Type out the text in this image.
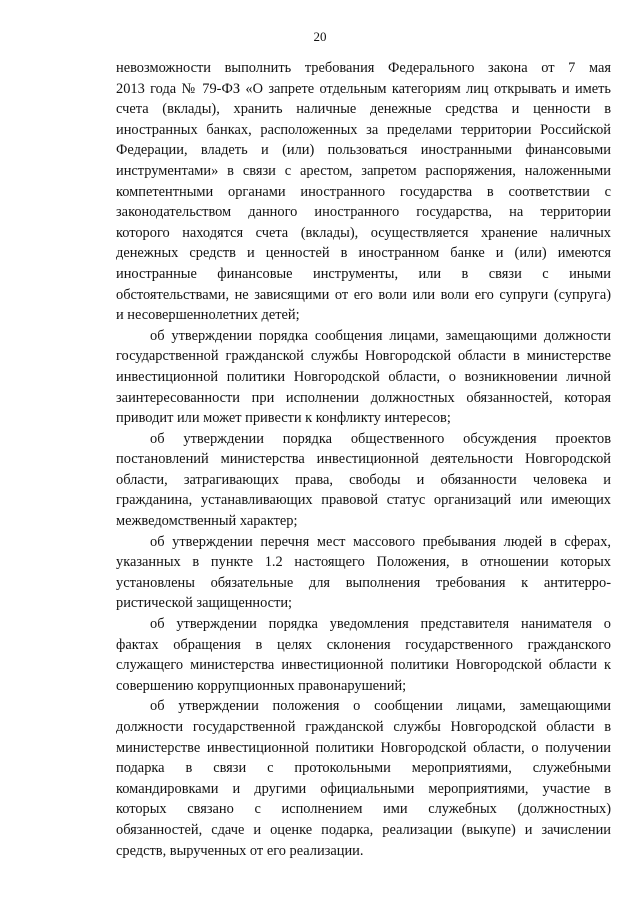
20
невозможности выполнить требования Федерального закона от 7 мая
2013 года № 79-ФЗ «О запрете отдельным категориям лиц открывать и иметь
счета (вклады), хранить наличные денежные средства и ценности в
иностранных банках, расположенных за пределами территории Российской
Федерации, владеть и (или) пользоваться иностранными финансовыми
инструментами» в связи с арестом, запретом распоряжения, наложенными
компетентными органами иностранного государства в соответствии с
законодательством данного иностранного государства, на территории
которого находятся счета (вклады), осуществляется хранение наличных
денежных средств и ценностей в иностранном банке и (или) имеются
иностранные финансовые инструменты, или в связи с иными
обстоятельствами, не зависящими от его воли или воли его супруги (супруга)
и несовершеннолетних детей;
об утверждении порядка сообщения лицами, замещающими должности
государственной гражданской службы Новгородской области в министерстве
инвестиционной политики Новгородской области, о возникновении личной
заинтересованности при исполнении должностных обязанностей, которая
приводит или может привести к конфликту интересов;
об утверждении порядка общественного обсуждения проектов
постановлений министерства инвестиционной деятельности Новгородской
области, затрагивающих права, свободы и обязанности человека и
гражданина, устанавливающих правовой статус организаций или имеющих
межведомственный характер;
об утверждении перечня мест массового пребывания людей в сферах,
указанных в пункте 1.2 настоящего Положения, в отношении которых
установлены обязательные для выполнения требования к антитерро-
ристической защищенности;
об утверждении порядка уведомления представителя нанимателя о
фактах обращения в целях склонения государственного гражданского
служащего министерства инвестиционной политики Новгородской области к
совершению коррупционных правонарушений;
об утверждении положения о сообщении лицами, замещающими
должности государственной гражданской службы Новгородской области в
министерстве инвестиционной политики Новгородской области, о получении
подарка в связи с протокольными мероприятиями, служебными
командировками и другими официальными мероприятиями, участие в
которых связано с исполнением ими служебных (должностных)
обязанностей, сдаче и оценке подарка, реализации (выкупе) и зачислении
средств, вырученных от его реализации.
